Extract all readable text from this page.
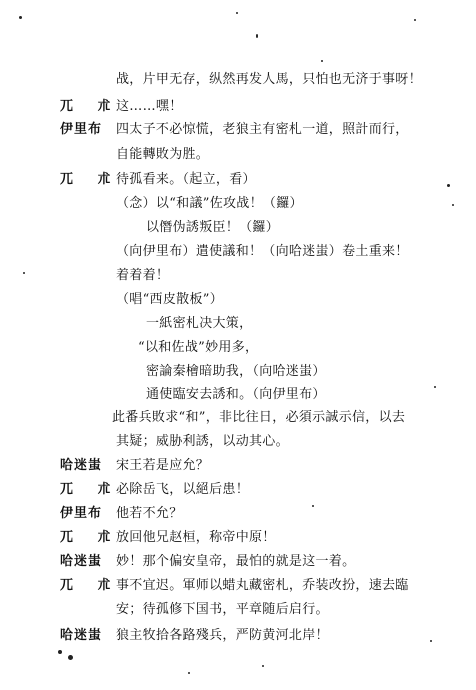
战，片甲无存，纵然再发人馬，只怕也无济于事呀！
兀 朮
这……嘿！
伊里布 四太子不必惊慌，老狼主有密札一道，照計而行，
自能轉敗为胜。
兀 朮
待孤看来。（起立，看）
（念）以“和議”佐攻战！（鑼）
以僭伪誘叛臣！（鑼）
（向伊里布）遣使議和！（向哈迷蚩）卷土重来！
着着着！
（唱“西皮散板”）
一紙密札决大策，
“以和佐战”妙用多，
密論秦檜暗助我，（向哈迷蚩）
通使臨安去誘和。（向伊里布）
此番兵敗求“和”，非比往日，必須示誠示信，以去
其疑；威胁利誘，以动其心。
哈迷蚩 宋王若是应允？
兀 朮
必除岳飞，以絕后患！
伊里布 他若不允？
兀 朮
放回他兄赵桓，称帝中原！
哈迷蚩 妙！那个偏安皇帝，最怕的就是这一着。
兀 朮
事不宜迟。軍师以蜡丸藏密札，乔装改扮，速去臨
安；待孤修下国书，平章随后启行。
哈迷蚩 狼主牧拾各路殘兵，严防黄河北岸！
